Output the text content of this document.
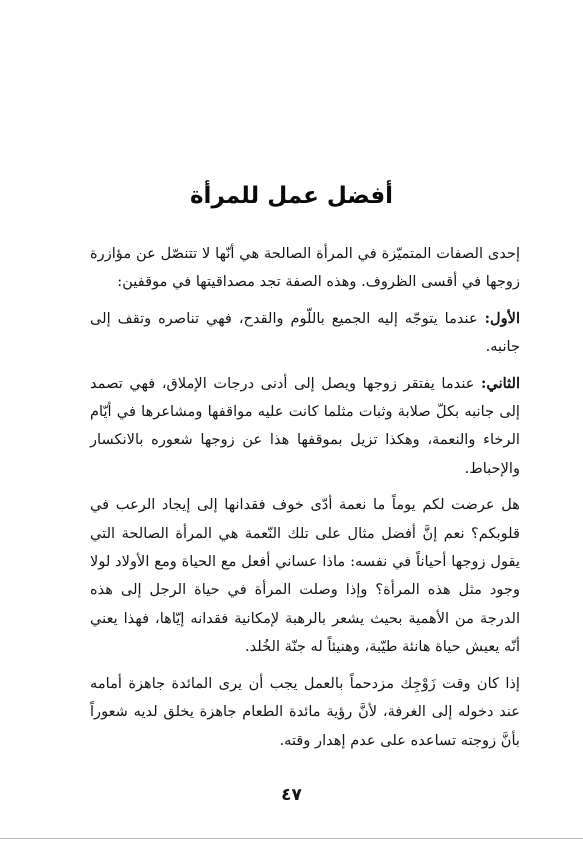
أفضل عمل للمرأة

إحدى الصفات المتميّزة في المرأة الصالحة هي أنّها لا تتنصّل عن مؤازرة زوجها في أقسى الظروف. وهذه الصفة تجد مصداقيتها في موقفين:

الأول: عندما يتوجّه إليه الجميع باللّوم والقدح، فهي تناصره وتقف إلى جانبه.

الثاني: عندما يفتقر زوجها ويصل إلى أدنى درجات الإملاق، فهي تصمد إلى جانبه بكلّ صلابة وثبات مثلما كانت عليه مواقفها ومشاعرها في أيّام الرخاء والنعمة، وهكذا تزيل بموقفها هذا عن زوجها شعوره بالانكسار والإحباط.

هل عرضت لكم يوماً ما نعمة أدّى خوف فقدانها إلى إيجاد الرعب في قلوبكم؟ نعم إنَّ أفضل مثال على تلك النّعمة هي المرأة الصالحة التي يقول زوجها أحياناً في نفسه: ماذا عساني أفعل مع الحياة ومع الأولاد لولا وجود مثل هذه المرأة؟ وإذا وصلت المرأة في حياة الرجل إلى هذه الدرجة من الأهمية بحيث يشعر بالرهبة لإمكانية فقدانه إيّاها، فهذا يعني أنّه يعيش حياة هانئة طيّبة، وهنيئاً له جنّة الخُلد.

إذا كان وقت زَوْجِك مزدحماً بالعمل يجب أن يرى المائدة جاهزة أمامه عند دخوله إلى الغرفة، لأنَّ رؤية مائدة الطعام جاهزة يخلق لديه شعوراً بأنَّ زوجته تساعده على عدم إهدار وقته.

٤٧
